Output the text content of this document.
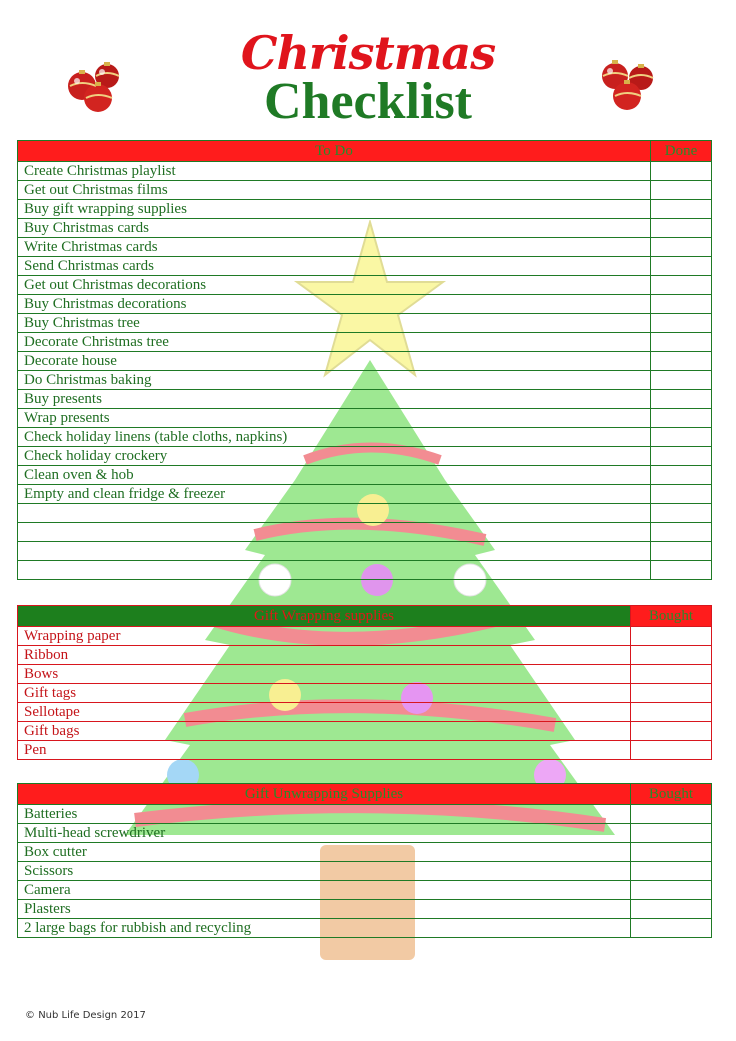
Christmas
Checklist
To Do	Done
Create Christmas playlist	
Get out Christmas films	
Buy gift wrapping supplies	
Buy Christmas cards	
Write Christmas cards	
Send Christmas cards	
Get out Christmas decorations	
Buy Christmas decorations	
Buy Christmas tree	
Decorate Christmas tree	
Decorate house	
Do Christmas baking	
Buy presents	
Wrap presents	
Check holiday linens (table cloths, napkins)	
Check holiday crockery	
Clean oven & hob	
Empty and clean fridge & freezer	

Gift Wrapping supplies	Bought
Wrapping paper	
Ribbon	
Bows	
Gift tags	
Sellotape	
Gift bags	
Pen	
Gift Unwrapping Supplies	Bought
Batteries	
Multi-head screwdriver	
Box cutter	
Scissors	
Camera	
Plasters	
2 large bags for rubbish and recycling	
© Nub Life Design 2017
